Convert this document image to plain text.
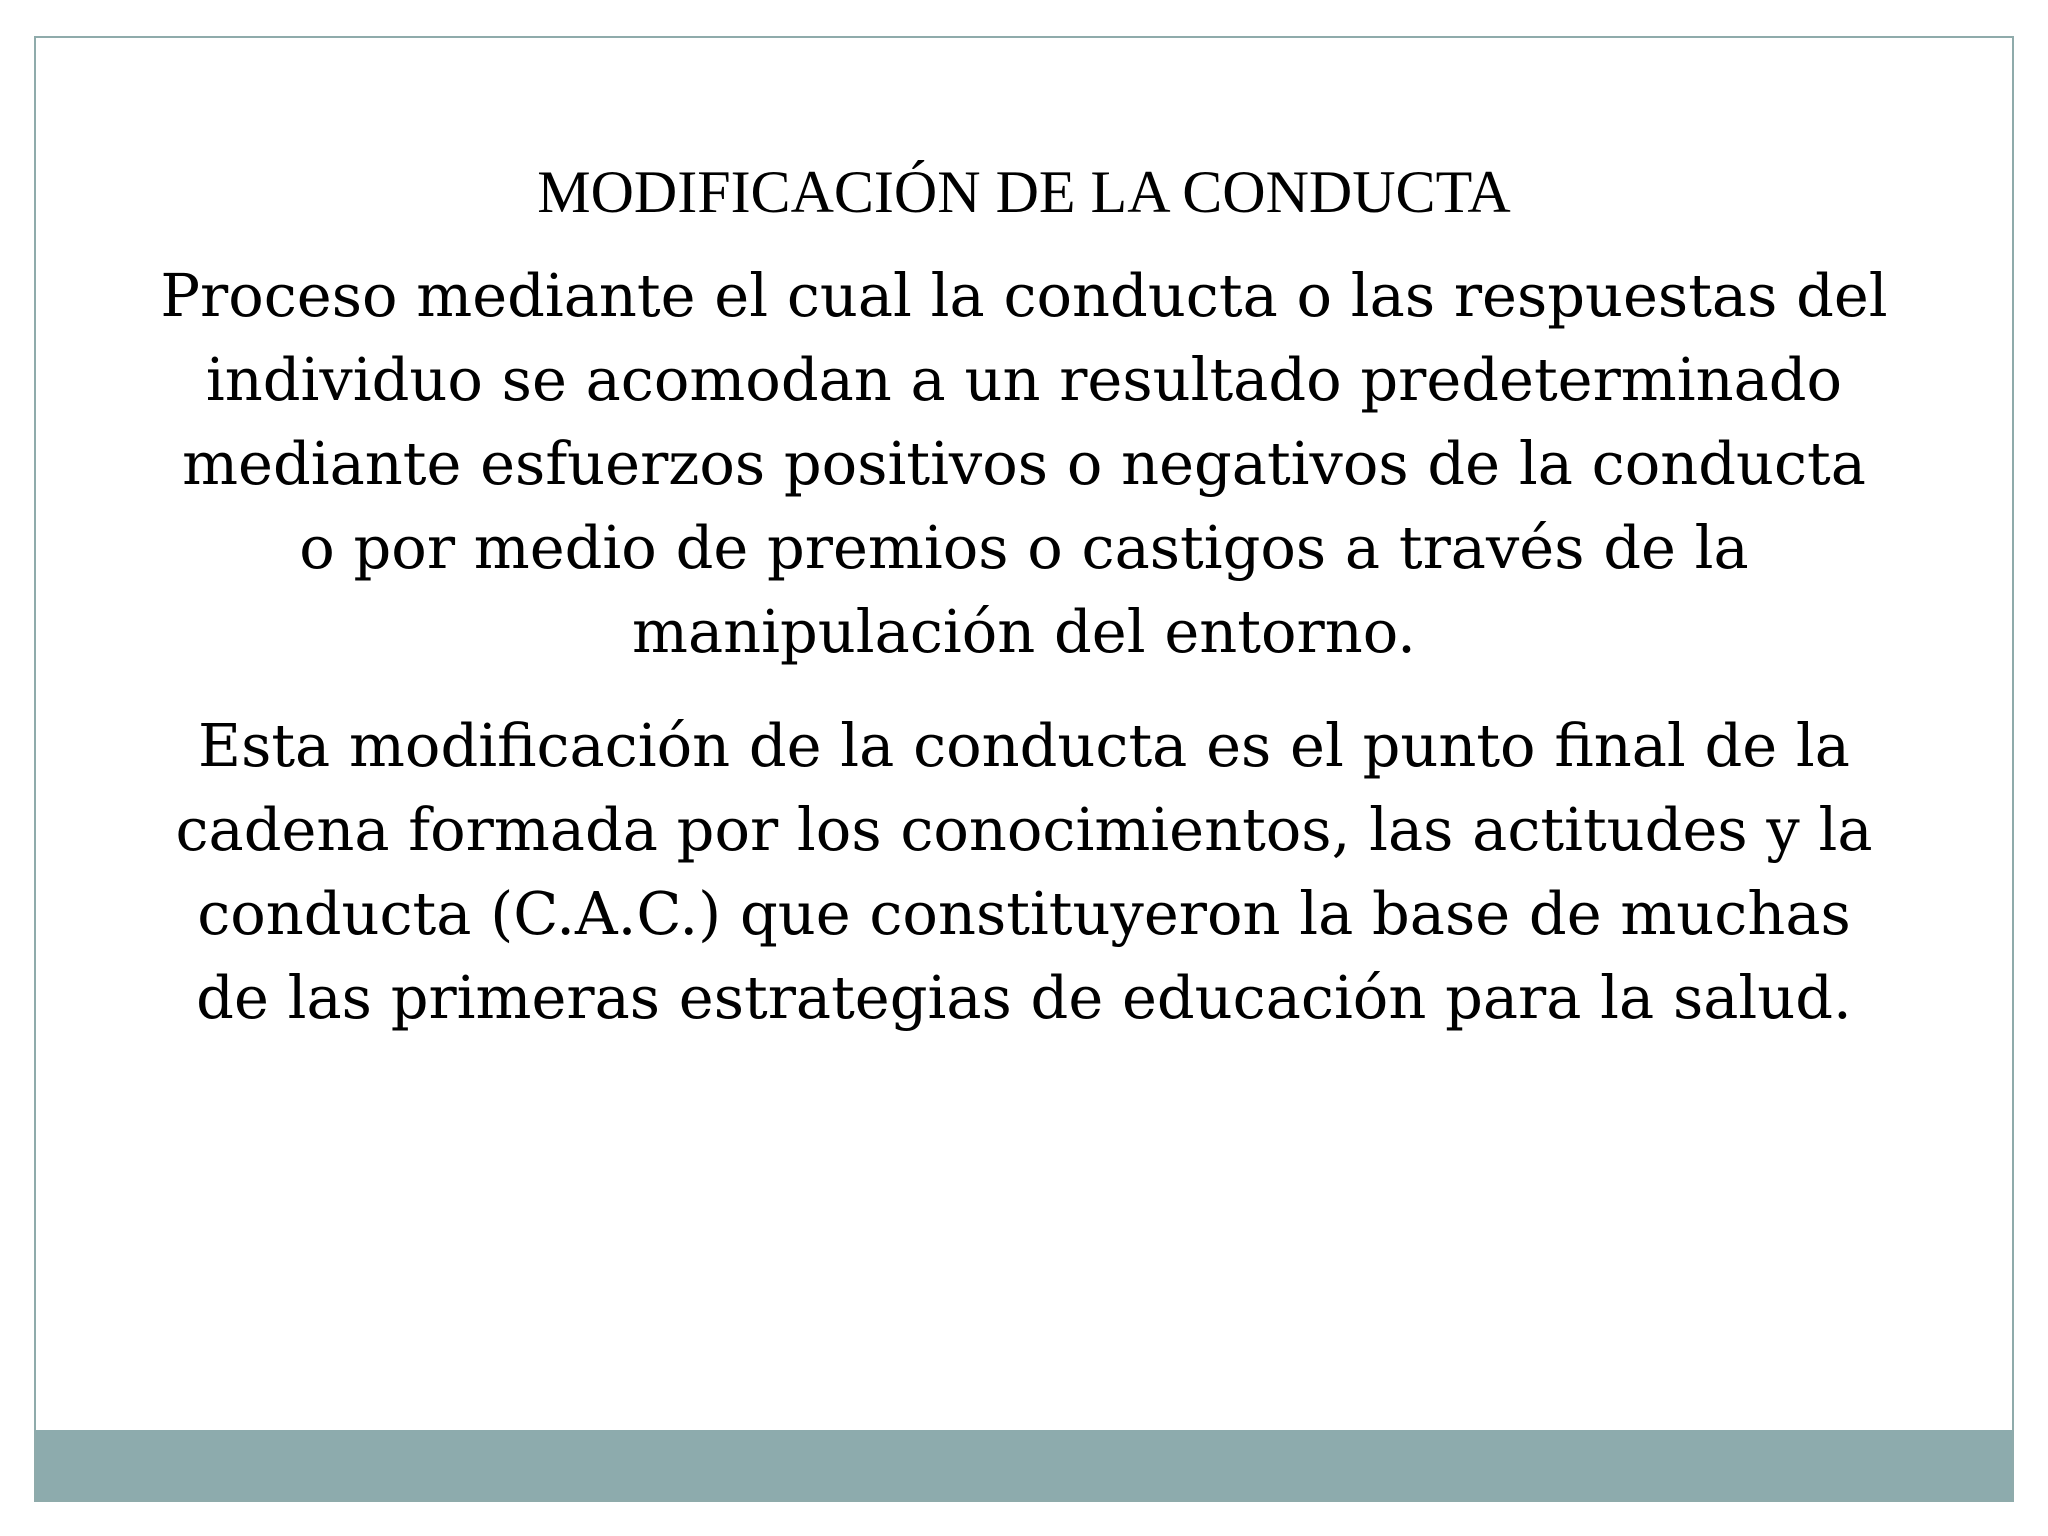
MODIFICACIÓN DE LA CONDUCTA

Proceso mediante el cual la conducta o las respuestas del individuo se acomodan a un resultado predeterminado mediante esfuerzos positivos o negativos de la conducta o por medio de premios o castigos a través de la manipulación del entorno.

Esta modificación de la conducta es el punto final de la cadena formada por los conocimientos, las actitudes y la conducta (C.A.C.) que constituyeron la base de muchas de las primeras estrategias de educación para la salud.
